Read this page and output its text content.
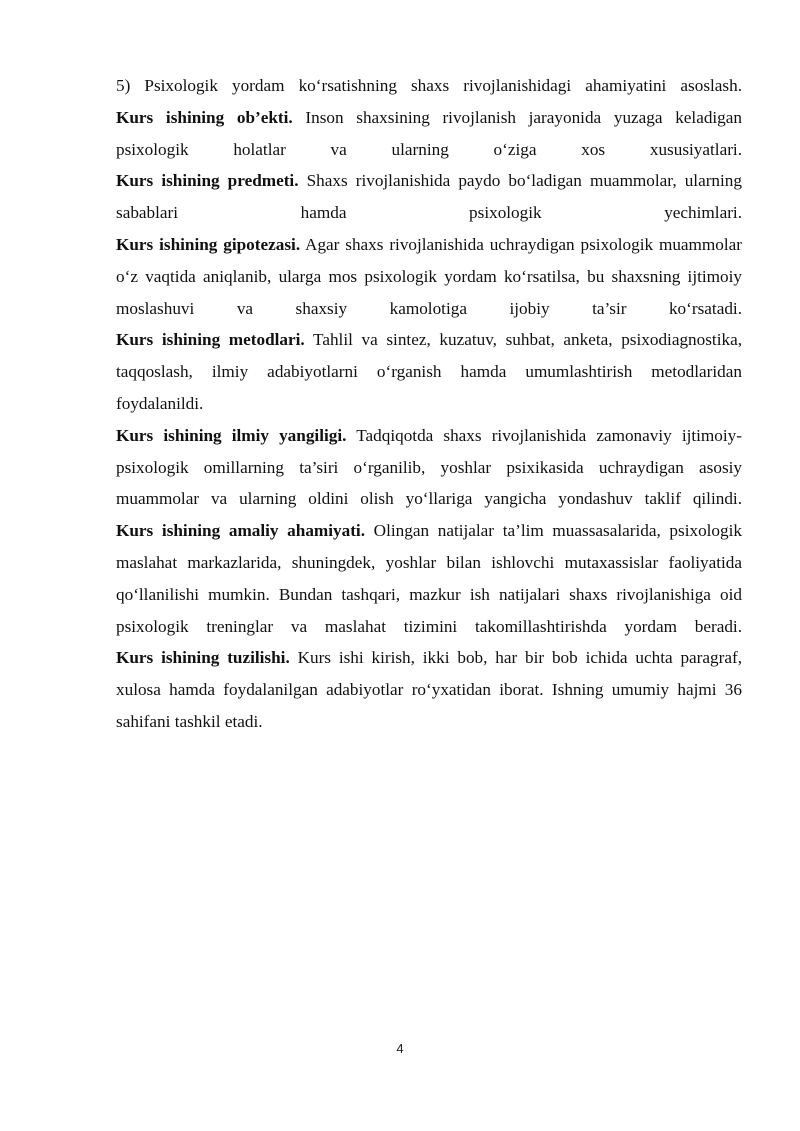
5) Psixologik yordam ko‘rsatishning shaxs rivojlanishidagi ahamiyatini asoslash.

Kurs ishining ob’ekti. Inson shaxsining rivojlanish jarayonida yuzaga keladigan psixologik holatlar va ularning o‘ziga xos xususiyatlari.

Kurs ishining predmeti. Shaxs rivojlanishida paydo bo‘ladigan muammolar, ularning sabablari hamda psixologik yechimlari.

Kurs ishining gipotezasi. Agar shaxs rivojlanishida uchraydigan psixologik muammolar o‘z vaqtida aniqlanib, ularga mos psixologik yordam ko‘rsatilsa, bu shaxsning ijtimoiy moslashuvi va shaxsiy kamolotiga ijobiy ta’sir ko‘rsatadi.

Kurs ishining metodlari. Tahlil va sintez, kuzatuv, suhbat, anketa, psixodiagnostika, taqqoslash, ilmiy adabiyotlarni o‘rganish hamda umumlashtirish metodlaridan foydalanildi.

Kurs ishining ilmiy yangiligi. Tadqiqotda shaxs rivojlanishida zamonaviy ijtimoiy-psixologik omillarning ta’siri o‘rganilib, yoshlar psixikasida uchraydigan asosiy muammolar va ularning oldini olish yo‘llariga yangicha yondashuv taklif qilindi.

Kurs ishining amaliy ahamiyati. Olingan natijalar ta’lim muassasalarida, psixologik maslahat markazlarida, shuningdek, yoshlar bilan ishlovchi mutaxassislar faoliyatida qo‘llanilishi mumkin. Bundan tashqari, mazkur ish natijalari shaxs rivojlanishiga oid psixologik treninglar va maslahat tizimini takomillashtirishda yordam beradi.

Kurs ishining tuzilishi. Kurs ishi kirish, ikki bob, har bir bob ichida uchta paragraf, xulosa hamda foydalanilgan adabiyotlar ro‘yxatidan iborat. Ishning umumiy hajmi 36 sahifani tashkil etadi.

4
